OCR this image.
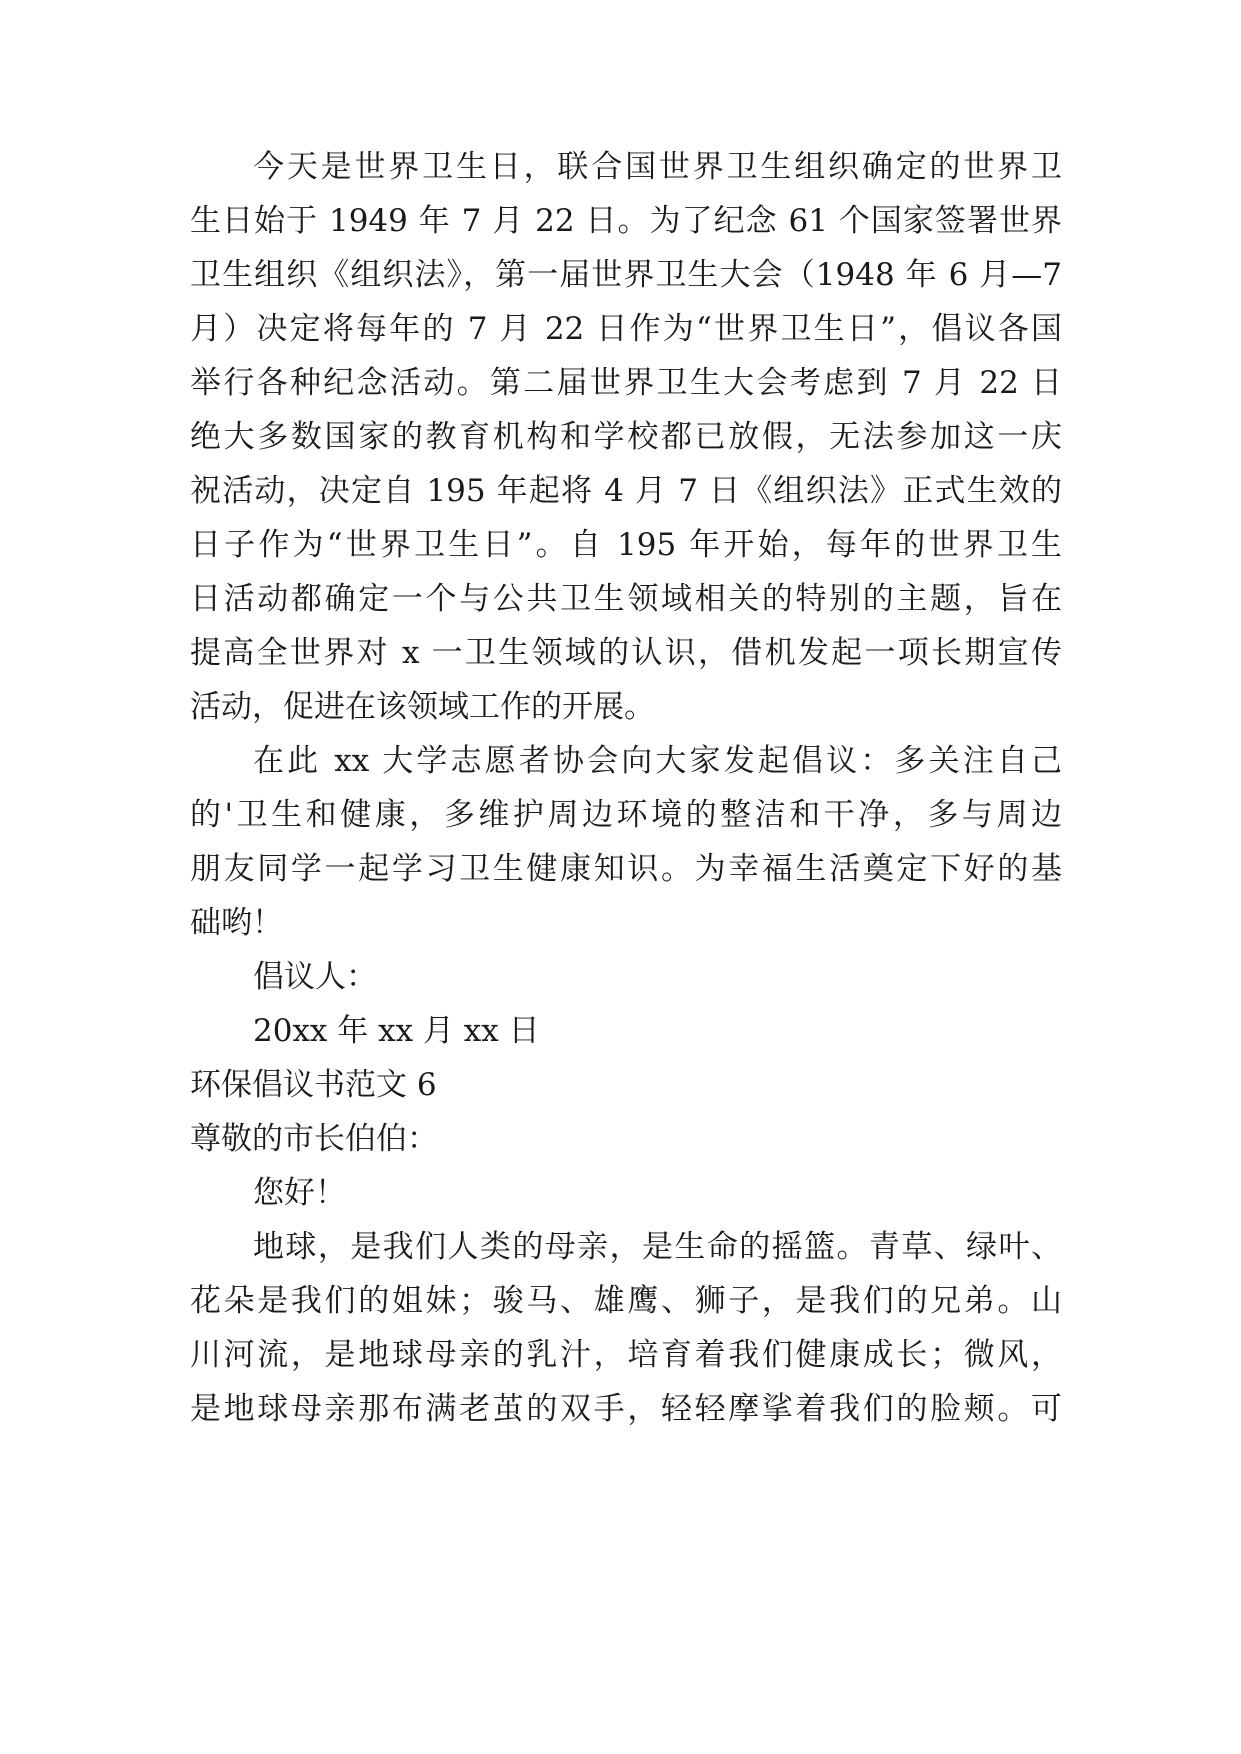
今天是世界卫生日，联合国世界卫生组织确定的世界卫
生日始于 1949 年 7 月 22 日。为了纪念 61 个国家签署世界
卫生组织《组织法》，第一届世界卫生大会（1948 年 6 月—7
月）决定将每年的 7 月 22 日作为“世界卫生日”，倡议各国
举行各种纪念活动。第二届世界卫生大会考虑到 7 月 22 日
绝大多数国家的教育机构和学校都已放假，无法参加这一庆
祝活动，决定自 195 年起将 4 月 7 日《组织法》正式生效的
日子作为“世界卫生日”。自 195 年开始，每年的世界卫生
日活动都确定一个与公共卫生领域相关的特别的主题，旨在
提高全世界对 x 一卫生领域的认识，借机发起一项长期宣传
活动，促进在该领域工作的开展。
在此 xx 大学志愿者协会向大家发起倡议：多关注自己
的'卫生和健康，多维护周边环境的整洁和干净，多与周边
朋友同学一起学习卫生健康知识。为幸福生活奠定下好的基
础哟！
倡议人：
20xx 年 xx 月 xx 日
环保倡议书范文 6
尊敬的市长伯伯：
您好！
地球，是我们人类的母亲，是生命的摇篮。青草、绿叶、
花朵是我们的姐妹；骏马、雄鹰、狮子，是我们的兄弟。山
川河流，是地球母亲的乳汁，培育着我们健康成长；微风，
是地球母亲那布满老茧的双手，轻轻摩挲着我们的脸颊。可
